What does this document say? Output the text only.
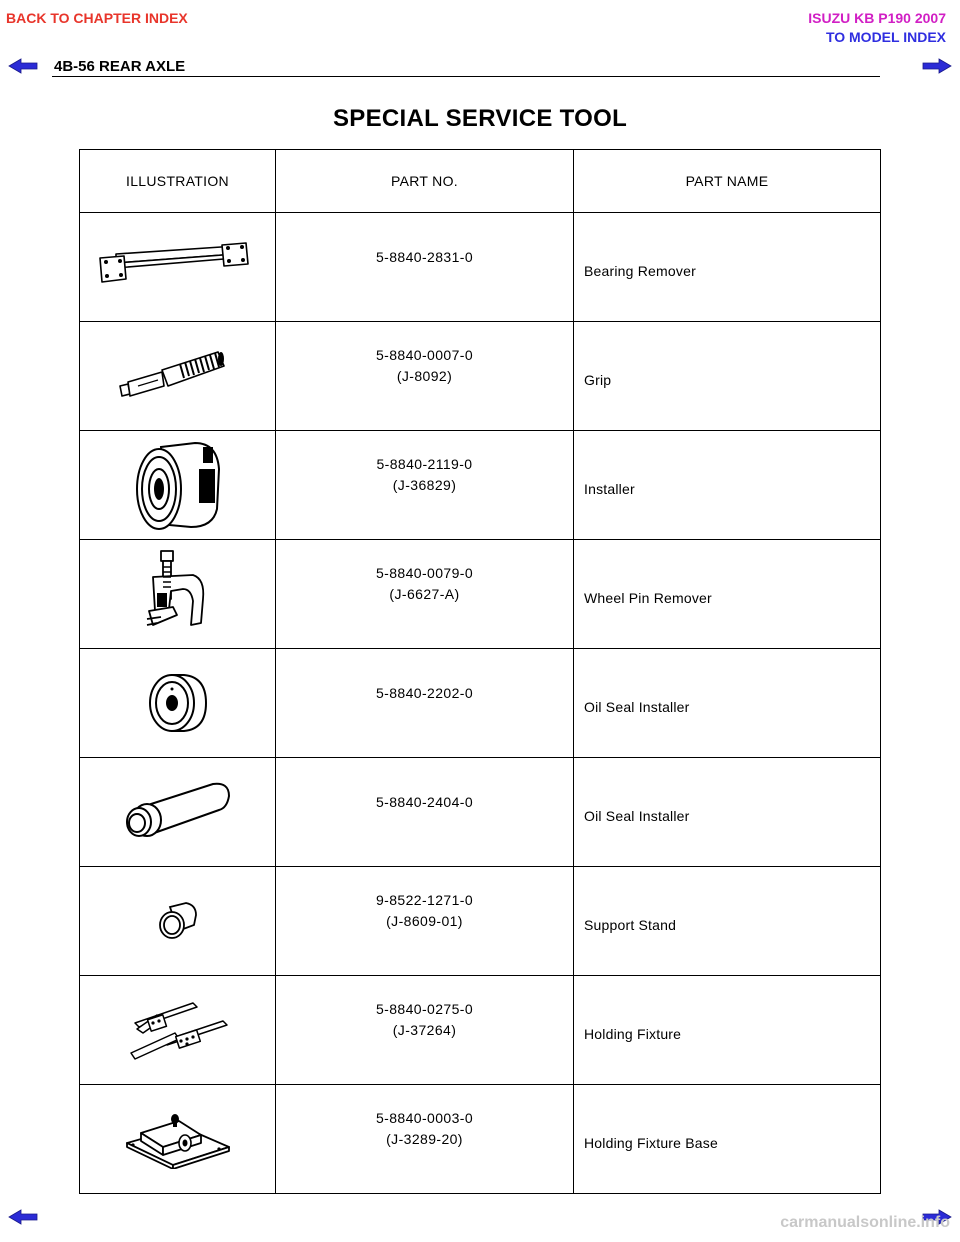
BACK TO CHAPTER INDEX	ISUZU KB P190 2007
TO MODEL INDEX
4B-56 REAR AXLE
SPECIAL SERVICE TOOL
ILLUSTRATION	PART NO.	PART NAME

5-8840-2831-0	Bearing Remover

5-8840-0007-0
(J-8092)	Grip

5-8840-2119-0
(J-36829)	Installer

5-8840-0079-0
(J-6627-A)	Wheel Pin Remover

5-8840-2202-0	Oil Seal Installer

5-8840-2404-0	Oil Seal Installer

9-8522-1271-0
(J-8609-01)	Support Stand

5-8840-0275-0
(J-37264)	Holding Fixture

5-8840-0003-0
(J-3289-20)	Holding Fixture Base
carmanualsonline.info
